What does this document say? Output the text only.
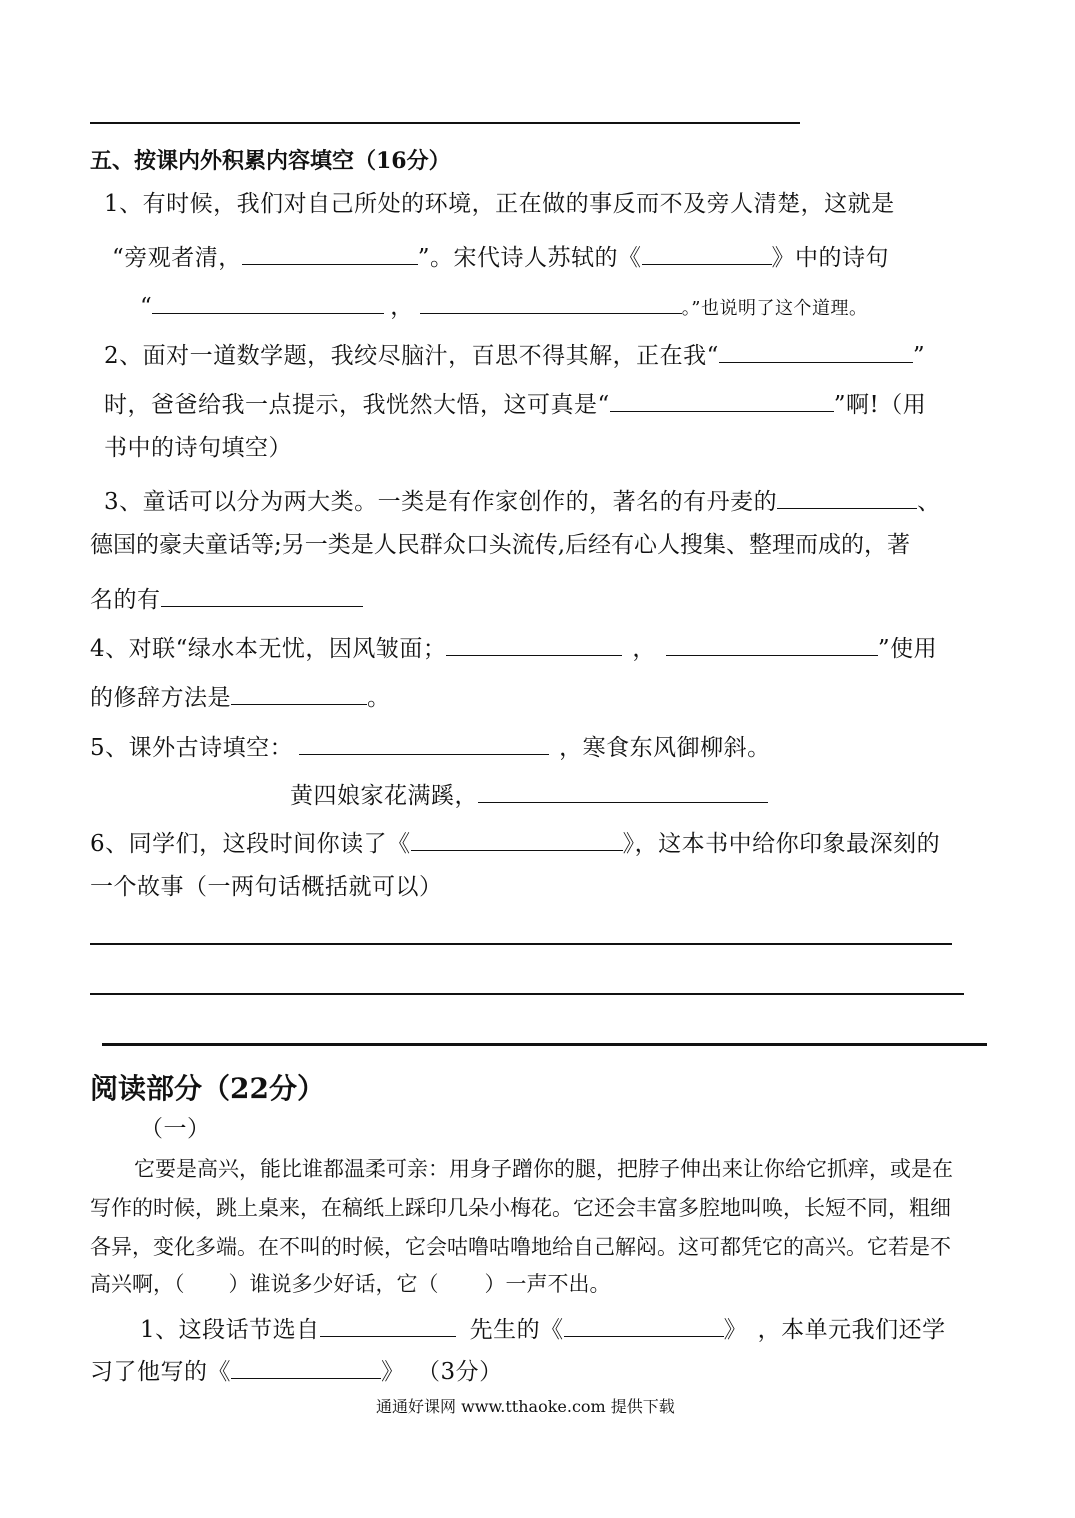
五、按课内外积累内容填空（16分）
1、有时候，我们对自己所处的环境，正在做的事反而不及旁人清楚，这就是
“旁观者清，	”。宋代诗人苏轼的《	》中的诗句
“	，	。”也说明了这个道理。
2、面对一道数学题，我绞尽脑汁，百思不得其解，正在我“	”
时，爸爸给我一点提示，我恍然大悟，这可真是“	”啊!（用
书中的诗句填空）
3、童话可以分为两大类。一类是有作家创作的，著名的有丹麦的	、
德国的豪夫童话等;另一类是人民群众口头流传,后经有心人搜集、整理而成的，著
名的有
4、对联“绿水本无忧，因风皱面；	，	”使用
的修辞方法是	。
5、课外古诗填空：	，寒食东风御柳斜。
黄四娘家花满蹊，
6、同学们，这段时间你读了《	》，这本书中给你印象最深刻的
一个故事（一两句话概括就可以）
阅读部分（22分）
（一）
它要是高兴，能比谁都温柔可亲：用身子蹭你的腿，把脖子伸出来让你给它抓痒，或是在
写作的时候，跳上桌来，在稿纸上踩印几朵小梅花。它还会丰富多腔地叫唤，长短不同，粗细
各异，变化多端。在不叫的时候，它会咕噜咕噜地给自己解闷。这可都凭它的高兴。它若是不
高兴啊，（ ）谁说多少好话，它（ ）一声不出。
1、这段话节选自	先生的《	》 ，本单元我们还学
习了他写的《	》 （3分）
通通好课网 www.tthaoke.com 提供下载
